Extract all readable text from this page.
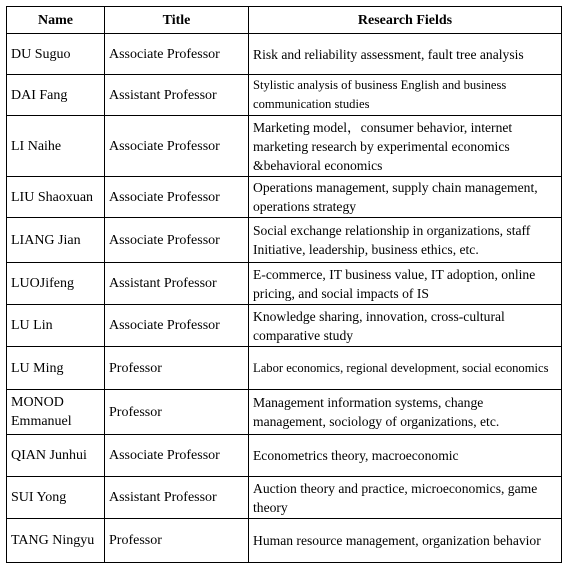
Name	Title	Research Fields
DU Suguo	Associate Professor	Risk and reliability assessment, fault tree analysis
DAI Fang	Assistant Professor	Stylistic analysis of business English and business communication studies
LI Naihe	Associate Professor	Marketing model，consumer behavior, internet marketing research by experimental economics &behavioral economics
LIU Shaoxuan	Associate Professor	Operations management, supply chain management, operations strategy
LIANG Jian	Associate Professor	Social exchange relationship in organizations, staff Initiative, leadership, business ethics, etc.
LUOJifeng	Assistant Professor	E-commerce, IT business value, IT adoption, online pricing, and social impacts of IS
LU Lin	Associate Professor	Knowledge sharing, innovation, cross-cultural comparative study
LU Ming	Professor	Labor economics, regional development, social economics
MONOD Emmanuel	Professor	Management information systems, change management, sociology of organizations, etc.
QIAN Junhui	Associate Professor	Econometrics theory, macroeconomic
SUI Yong	Assistant Professor	Auction theory and practice, microeconomics, game theory
TANG Ningyu	Professor	Human resource management, organization behavior
